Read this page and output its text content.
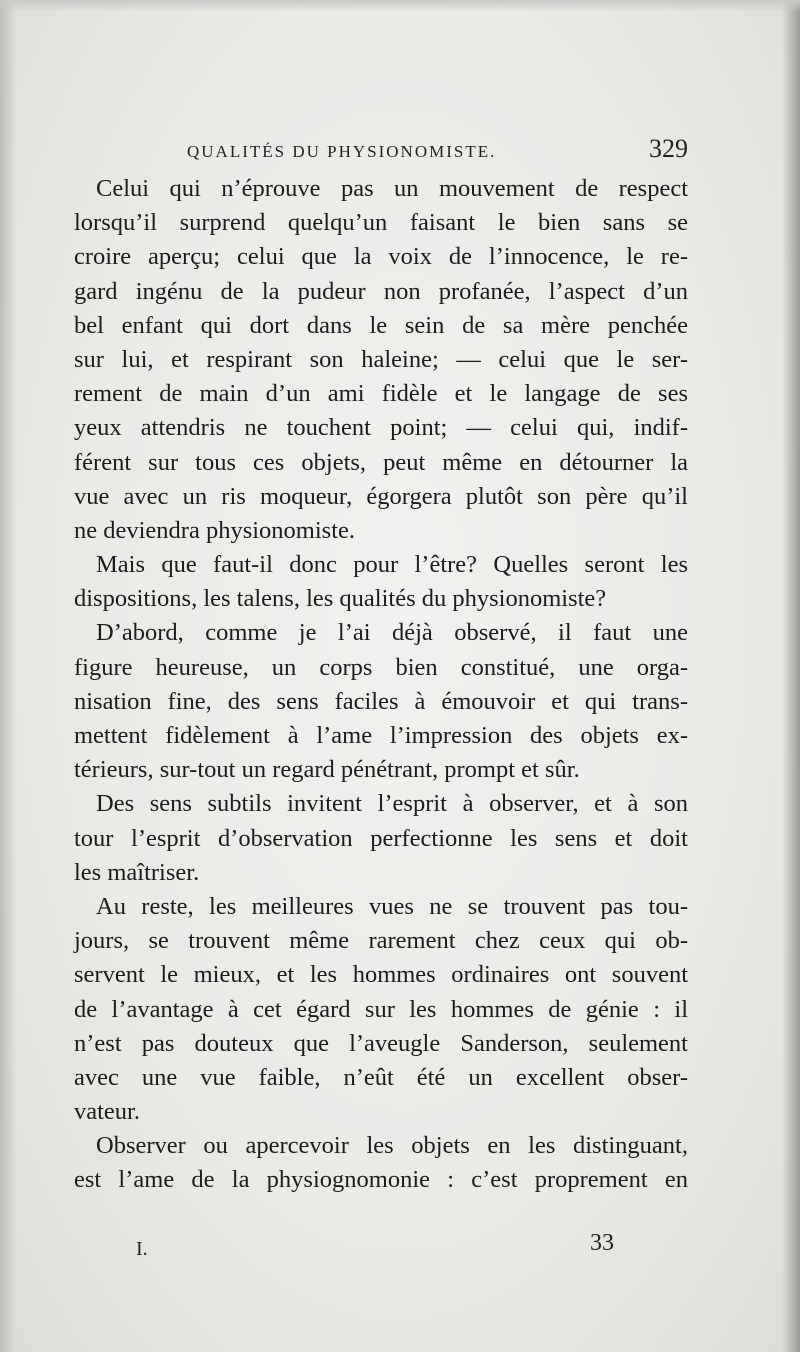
QUALITÉS DU PHYSIONOMISTE.	329
Celui qui n’éprouve pas un mouvement de respect
lorsqu’il surprend quelqu’un faisant le bien sans se
croire aperçu; celui que la voix de l’innocence, le re-
gard ingénu de la pudeur non profanée, l’aspect d’un
bel enfant qui dort dans le sein de sa mère penchée
sur lui, et respirant son haleine; — celui que le ser-
rement de main d’un ami fidèle et le langage de ses
yeux attendris ne touchent point; — celui qui, indif-
férent sur tous ces objets, peut même en détourner la
vue avec un ris moqueur, égorgera plutôt son père qu’il
ne deviendra physionomiste.
Mais que faut-il donc pour l’être? Quelles seront les
dispositions, les talens, les qualités du physionomiste?
D’abord, comme je l’ai déjà observé, il faut une
figure heureuse, un corps bien constitué, une orga-
nisation fine, des sens faciles à émouvoir et qui trans-
mettent fidèlement à l’ame l’impression des objets ex-
térieurs, sur-tout un regard pénétrant, prompt et sûr.
Des sens subtils invitent l’esprit à observer, et à son
tour l’esprit d’observation perfectionne les sens et doit
les maîtriser.
Au reste, les meilleures vues ne se trouvent pas tou-
jours, se trouvent même rarement chez ceux qui ob-
servent le mieux, et les hommes ordinaires ont souvent
de l’avantage à cet égard sur les hommes de génie : il
n’est pas douteux que l’aveugle Sanderson, seulement
avec une vue faible, n’eût été un excellent obser-
vateur.
Observer ou apercevoir les objets en les distinguant,
est l’ame de la physiognomonie : c’est proprement en
I.	33
